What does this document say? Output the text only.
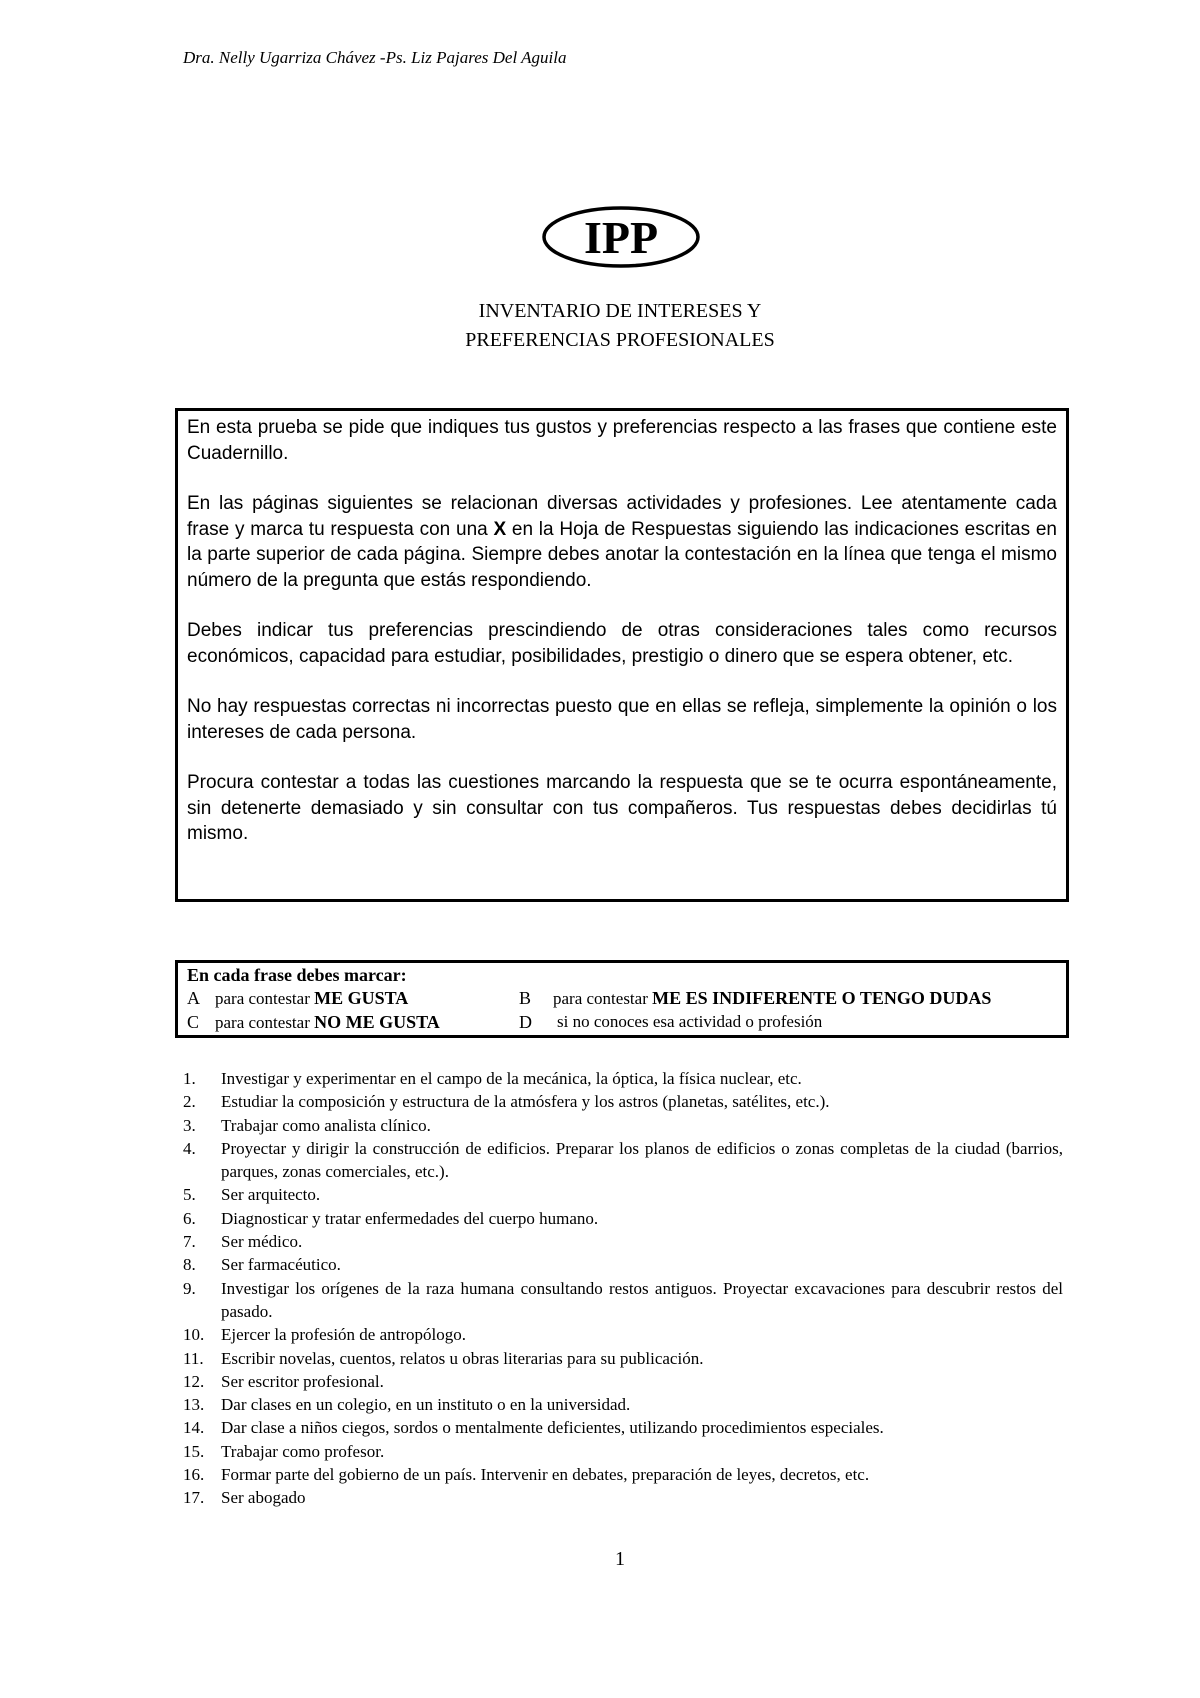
Dra. Nelly Ugarriza Chávez -Ps. Liz Pajares Del Aguila
IPP
INVENTARIO DE INTERESES Y
PREFERENCIAS PROFESIONALES

En esta prueba se pide que indiques tus gustos y preferencias respecto a las frases que contiene este Cuadernillo.

En las páginas siguientes se relacionan diversas actividades y profesiones. Lee atentamente cada frase y marca tu respuesta con una X en la Hoja de Respuestas siguiendo las indicaciones escritas en la parte superior de cada página. Siempre debes anotar la contestación en la línea que tenga el mismo número de la pregunta que estás respondiendo.

Debes indicar tus preferencias prescindiendo de otras consideraciones tales como recursos económicos, capacidad para estudiar, posibilidades, prestigio o dinero que se espera obtener, etc.

No hay respuestas correctas ni incorrectas puesto que en ellas se refleja, simplemente la opinión o los intereses de cada persona.

Procura contestar a todas las cuestiones marcando la respuesta que se te ocurra espontáneamente, sin detenerte demasiado y sin consultar con tus compañeros. Tus respuestas debes decidirlas tú mismo.

En cada frase debes marcar:
A para contestar ME GUSTA	B para contestar ME ES INDIFERENTE O TENGO DUDAS
C para contestar NO ME GUSTA	D si no conoces esa actividad o profesión
1. Investigar y experimentar en el campo de la mecánica, la óptica, la física nuclear, etc.
2. Estudiar la composición y estructura de la atmósfera y los astros (planetas, satélites, etc.).
3. Trabajar como analista clínico.
4. Proyectar y dirigir la construcción de edificios. Preparar los planos de edificios o zonas completas de la ciudad (barrios, parques, zonas comerciales, etc.).
5. Ser arquitecto.
6. Diagnosticar y tratar enfermedades del cuerpo humano.
7. Ser médico.
8. Ser farmacéutico.
9. Investigar los orígenes de la raza humana consultando restos antiguos. Proyectar excavaciones para descubrir restos del pasado.
10. Ejercer la profesión de antropólogo.
11. Escribir novelas, cuentos, relatos u obras literarias para su publicación.
12. Ser escritor profesional.
13. Dar clases en un colegio, en un instituto o en la universidad.
14. Dar clase a niños ciegos, sordos o mentalmente deficientes, utilizando procedimientos especiales.
15. Trabajar como profesor.
16. Formar parte del gobierno de un país. Intervenir en debates, preparación de leyes, decretos, etc.
17. Ser abogado
1
